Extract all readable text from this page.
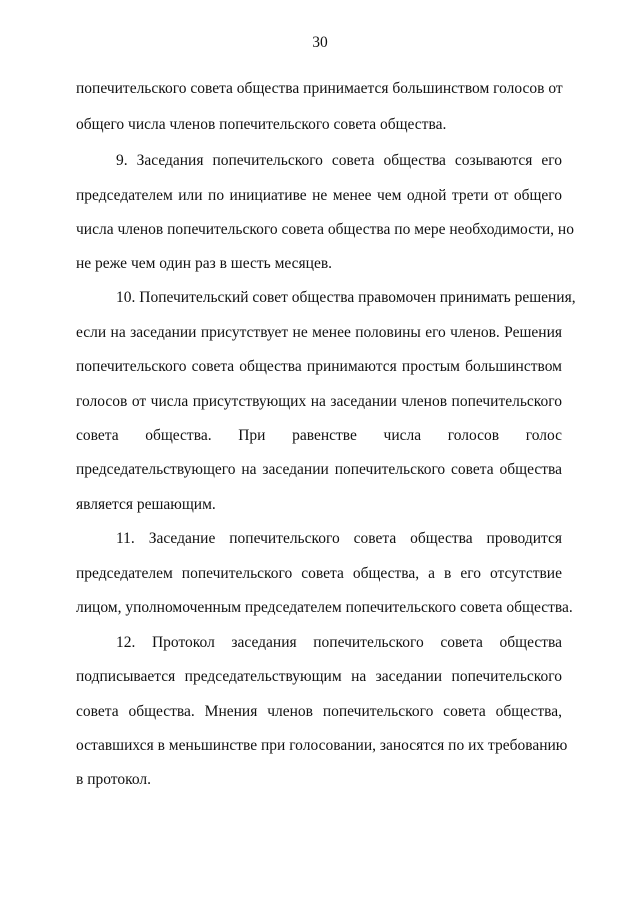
30
попечительского совета общества принимается большинством голосов от
общего числа членов попечительского совета общества.
9. Заседания попечительского совета общества созываются его
председателем или по инициативе не менее чем одной трети от общего
числа членов попечительского совета общества по мере необходимости, но
не реже чем один раз в шесть месяцев.
10. Попечительский совет общества правомочен принимать решения,
если на заседании присутствует не менее половины его членов. Решения
попечительского совета общества принимаются простым большинством
голосов от числа присутствующих на заседании членов попечительского
совета общества. При равенстве числа голосов голос
председательствующего на заседании попечительского совета общества
является решающим.
11. Заседание попечительского совета общества проводится
председателем попечительского совета общества, а в его отсутствие
лицом, уполномоченным председателем попечительского совета общества.
12. Протокол заседания попечительского совета общества
подписывается председательствующим на заседании попечительского
совета общества. Мнения членов попечительского совета общества,
оставшихся в меньшинстве при голосовании, заносятся по их требованию
в протокол.
